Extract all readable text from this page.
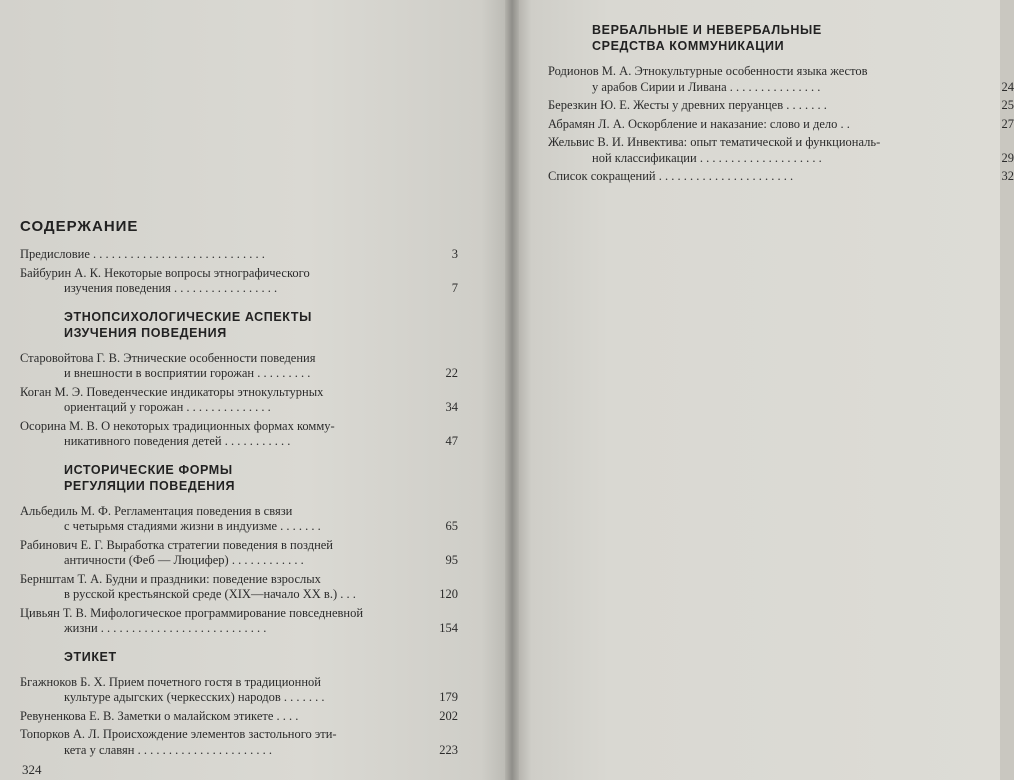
СОДЕРЖАНИЕ
Предисловие . . . . . . . . . . . . . . . . . . . . . . . . . . . .	3
Байбурин А. К. Некоторые вопросы этнографического
изучения поведения . . . . . . . . . . . . . . . . .	7
ЭТНОПСИХОЛОГИЧЕСКИЕ АСПЕКТЫ
ИЗУЧЕНИЯ ПОВЕДЕНИЯ
Старовойтова Г. В. Этнические особенности поведения
и внешности в восприятии горожан . . . . . . . . .	22
Коган М. Э. Поведенческие индикаторы этнокультурных
ориентаций у горожан . . . . . . . . . . . . . .	34
Осорина М. В. О некоторых традиционных формах комму-
никативного поведения детей . . . . . . . . . . .	47
ИСТОРИЧЕСКИЕ ФОРМЫ
РЕГУЛЯЦИИ ПОВЕДЕНИЯ
Альбедиль М. Ф. Регламентация поведения в связи
с четырьмя стадиями жизни в индуизме . . . . . . .	65
Рабинович Е. Г. Выработка стратегии поведения в поздней
античности (Феб — Люцифер) . . . . . . . . . . . .	95
Бернштам Т. А. Будни и праздники: поведение взрослых
в русской крестьянской среде (XIX—начало XX в.) . . .	120
Цивьян Т. В. Мифологическое программирование повседневной
жизни . . . . . . . . . . . . . . . . . . . . . . . . . . .	154
ЭТИКЕТ
Бгажноков Б. Х. Прием почетного гостя в традиционной
культуре адыгских (черкесских) народов . . . . . . .	179
Ревуненкова Е. В. Заметки о малайском этикете . . . .	202
Топорков А. Л. Происхождение элементов застольного эти-
кета у славян . . . . . . . . . . . . . . . . . . . . . .	223
324
ВЕРБАЛЬНЫЕ И НЕВЕРБАЛЬНЫЕ
СРЕДСТВА КОММУНИКАЦИИ
Родионов М. А. Этнокультурные особенности языка жестов
у арабов Сирии и Ливана . . . . . . . . . . . . . . .	24
Березкин Ю. Е. Жесты у древних перуанцев . . . . . . .	25
Абрамян Л. А. Оскорбление и наказание: слово и дело . .	27
Жельвис В. И. Инвектива: опыт тематической и функциональ-
ной классификации . . . . . . . . . . . . . . . . . . . .	29
Список сокращений . . . . . . . . . . . . . . . . . . . . . .	32
